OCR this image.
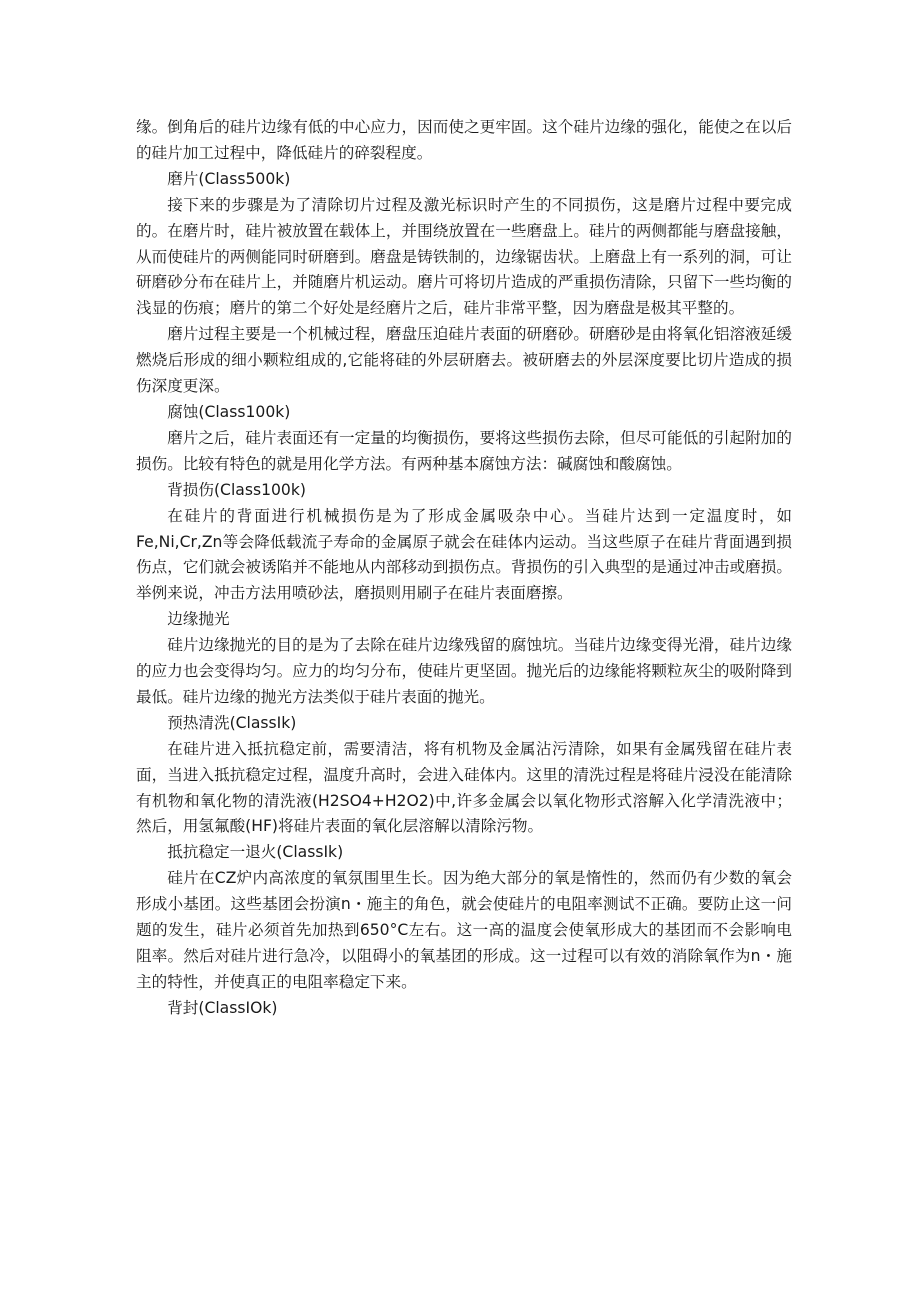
缘。倒角后的硅片边缘有低的中心应力，因而使之更牢固。这个硅片边缘的强化，能使之在以后的硅片加工过程中，降低硅片的碎裂程度。

磨片(Class500k)

接下来的步骤是为了清除切片过程及激光标识时产生的不同损伤，这是磨片过程中要完成的。在磨片时，硅片被放置在载体上，并围绕放置在一些磨盘上。硅片的两侧都能与磨盘接触，从而使硅片的两侧能同时研磨到。磨盘是铸铁制的，边缘锯齿状。上磨盘上有一系列的洞，可让研磨砂分布在硅片上，并随磨片机运动。磨片可将切片造成的严重损伤清除，只留下一些均衡的浅显的伤痕；磨片的第二个好处是经磨片之后，硅片非常平整，因为磨盘是极其平整的。

磨片过程主要是一个机械过程，磨盘压迫硅片表面的研磨砂。研磨砂是由将氧化铝溶液延缓燃烧后形成的细小颗粒组成的,它能将硅的外层研磨去。被研磨去的外层深度要比切片造成的损伤深度更深。

腐蚀(Class100k)

磨片之后，硅片表面还有一定量的均衡损伤，要将这些损伤去除，但尽可能低的引起附加的损伤。比较有特色的就是用化学方法。有两种基本腐蚀方法：碱腐蚀和酸腐蚀。

背损伤(Class100k)

在硅片的背面进行机械损伤是为了形成金属吸杂中心。当硅片达到一定温度时，如Fe,Ni,Cr,Zn等会降低载流子寿命的金属原子就会在硅体内运动。当这些原子在硅片背面遇到损伤点，它们就会被诱陷并不能地从内部移动到损伤点。背损伤的引入典型的是通过冲击或磨损。举例来说，冲击方法用喷砂法，磨损则用刷子在硅片表面磨擦。

边缘抛光

硅片边缘抛光的目的是为了去除在硅片边缘残留的腐蚀坑。当硅片边缘变得光滑，硅片边缘的应力也会变得均匀。应力的均匀分布，使硅片更坚固。抛光后的边缘能将颗粒灰尘的吸附降到最低。硅片边缘的抛光方法类似于硅片表面的抛光。

预热清洗(ClassIk)

在硅片进入抵抗稳定前，需要清洁，将有机物及金属沾污清除，如果有金属残留在硅片表面，当进入抵抗稳定过程，温度升高时，会进入硅体内。这里的清洗过程是将硅片浸没在能清除有机物和氧化物的清洗液(H2SO4+H2O2)中,许多金属会以氧化物形式溶解入化学清洗液中；然后，用氢氟酸(HF)将硅片表面的氧化层溶解以清除污物。

抵抗稳定一退火(ClassIk)

硅片在CZ炉内高浓度的氧氛围里生长。因为绝大部分的氧是惰性的，然而仍有少数的氧会形成小基团。这些基团会扮演n・施主的角色，就会使硅片的电阻率测试不正确。要防止这一问题的发生，硅片必须首先加热到650°C左右。这一高的温度会使氧形成大的基团而不会影响电阻率。然后对硅片进行急冷，以阻碍小的氧基团的形成。这一过程可以有效的消除氧作为n・施主的特性，并使真正的电阻率稳定下来。

背封(ClassIOk)
